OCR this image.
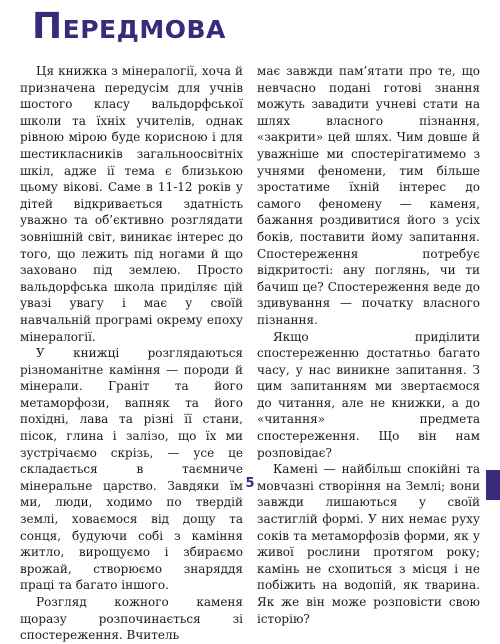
Передмова

Ця книжка з мінералогії, хоча й призначена передусім для учнів шостого класу вальдорфської школи та їхніх учителів, однак рівною мірою буде корисною і для шестикласників загальноосвітніх шкіл, адже ії тема є близькою цьому вікові. Саме в 11-12 років у дітей відкривається здатність уважно та об’єктивно розглядати зовнішній світ, виникає інтерес до того, що лежить під ногами й що заховано під землею. Просто вальдорфська школа приділяє цій увазі увагу і має у своїй навчальній програмі окрему епоху мінералогії.

У книжці розглядаються різноманітне каміння — породи й мінерали. Граніт та його метаморфози, вапняк та його похідні, лава та різні її стани, пісок, глина і залізо, що їх ми зустрічаємо скрізь, — усе це складається в таємниче мінеральне царство. Завдяки їм ми, люди, ходимо по твердій землі, ховаємося від дощу та сонця, будуючи собі з каміння житло, вирощуємо і збираємо врожай, створюємо знаряддя праці та багато іншого.

Розгляд кожного каменя щоразу розпочинається зі спостереження. Вчитель

має завжди пам’ятати про те, що невчасно подані готові знання можуть завадити учневі стати на шлях власного пізнання, «закрити» цей шлях. Чим довше й уважніше ми спостерігатимемо з учнями феномени, тим більше зростатиме їхній інтерес до самого феномену — каменя, бажання роздивитися його з усіх боків, поставити йому запитання. Спостереження потребує відкритості: ану поглянь, чи ти бачиш це? Спостереження веде до здивування — початку власного пізнання.

Якщо приділити спостереженню достатньо багато часу, у нас виникне запитання. З цим запитанням ми звертаємося до читання, але не книжки, а до «читання» предмета спостереження. Що він нам розповідає?

Камені — найбільш спокійні та мовчазні створіння на Землі; вони завжди лишаються у своїй застиглій формі. У них немає руху соків та метаморфозів форми, як у живої рослини протягом року; камінь не схопиться з місця і не побіжить на водопій, як тварина. Як же він може розповісти свою історію?

5
